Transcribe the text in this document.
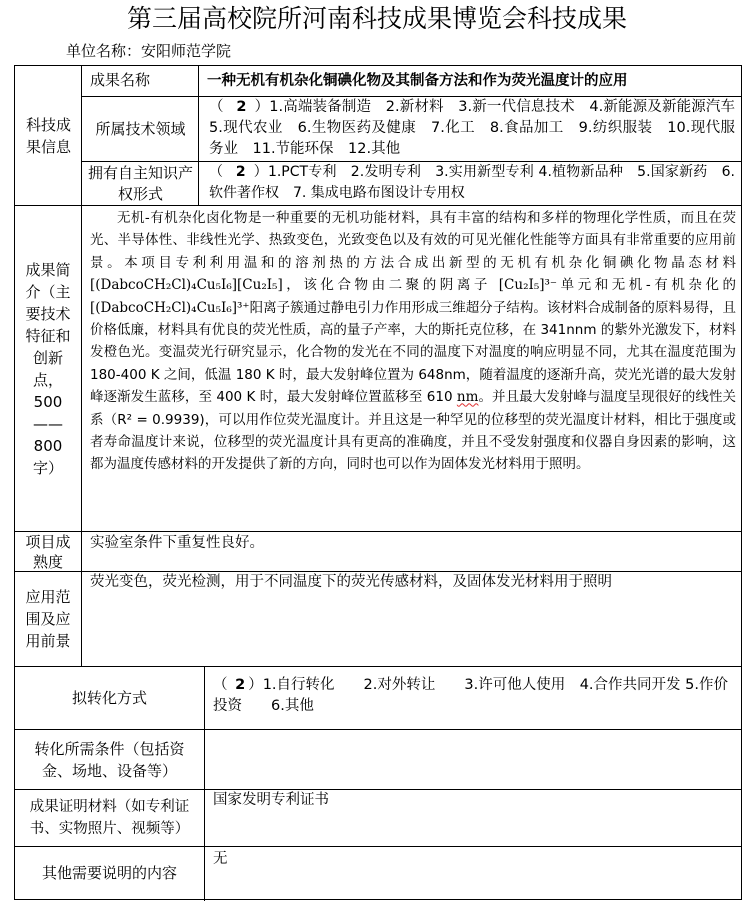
第三届高校院所河南科技成果博览会科技成果
单位名称：安阳师范学院
科技成果信息
成果名称	一种无机有机杂化铜碘化物及其制备方法和作为荧光温度计的应用
所属技术领域
（ 2 ）1.高端装备制造　2.新材料　3.新一代信息技术　4.新能源及新能源汽车　5.现代农业　6.生物医药及健康　7.化工　8.食品加工　9.纺织服装　10.现代服务业　11.节能环保　12.其他
拥有自主知识产权形式
（ 2 ）1.PCT专利　2.发明专利　3.实用新型专利 4.植物新品种　5.国家新药　6.软件著作权　7. 集成电路布图设计专用权
成果简介（主要技术特征和创新点，500——800字）
无机-有机杂化卤化物是一种重要的无机功能材料，具有丰富的结构和多样的物理化学性质，而且在荧光、半导体性、非线性光学、热致变色，光致变色以及有效的可见光催化性能等方面具有非常重要的应用前景。本项目专利利用温和的溶剂热的方法合成出新型的无机有机杂化铜碘化物晶态材料[(DabcoCH₂Cl)₄Cu₅I₆][Cu₂I₅]，该化合物由二聚的阴离子 [Cu₂I₅]³⁻单元和无机-有机杂化的[(DabcoCH₂Cl)₄Cu₅I₆]³⁺阳离子簇通过静电引力作用形成三维超分子结构。该材料合成制备的原料易得，且价格低廉，材料具有优良的荧光性质，高的量子产率，大的斯托克位移，在 341nnm 的紫外光激发下，材料发橙色光。变温荧光行研究显示，化合物的发光在不同的温度下对温度的响应明显不同，尤其在温度范围为 180-400 K 之间，低温 180 K 时，最大发射峰位置为 648nm，随着温度的逐渐升高，荧光光谱的最大发射峰逐渐发生蓝移，至 400 K 时，最大发射峰位置蓝移至 610 nm。并且最大发射峰与温度呈现很好的线性关系（R² = 0.9939)，可以用作位荧光温度计。并且这是一种罕见的位移型的荧光温度计材料，相比于强度或者寿命温度计来说，位移型的荧光温度计具有更高的准确度，并且不受发射强度和仪器自身因素的影响，这都为温度传感材料的开发提供了新的方向，同时也可以作为固体发光材料用于照明。
项目成熟度
实验室条件下重复性良好。
应用范围及应用前景
荧光变色，荧光检测，用于不同温度下的荧光传感材料，及固体发光材料用于照明
拟转化方式
（ 2 ）1.自行转化　　2.对外转让　　3.许可他人使用　4.合作共同开发 5.作价投资　　6.其他
转化所需条件（包括资金、场地、设备等）
成果证明材料（如专利证书、实物照片、视频等）
国家发明专利证书
其他需要说明的内容
无
